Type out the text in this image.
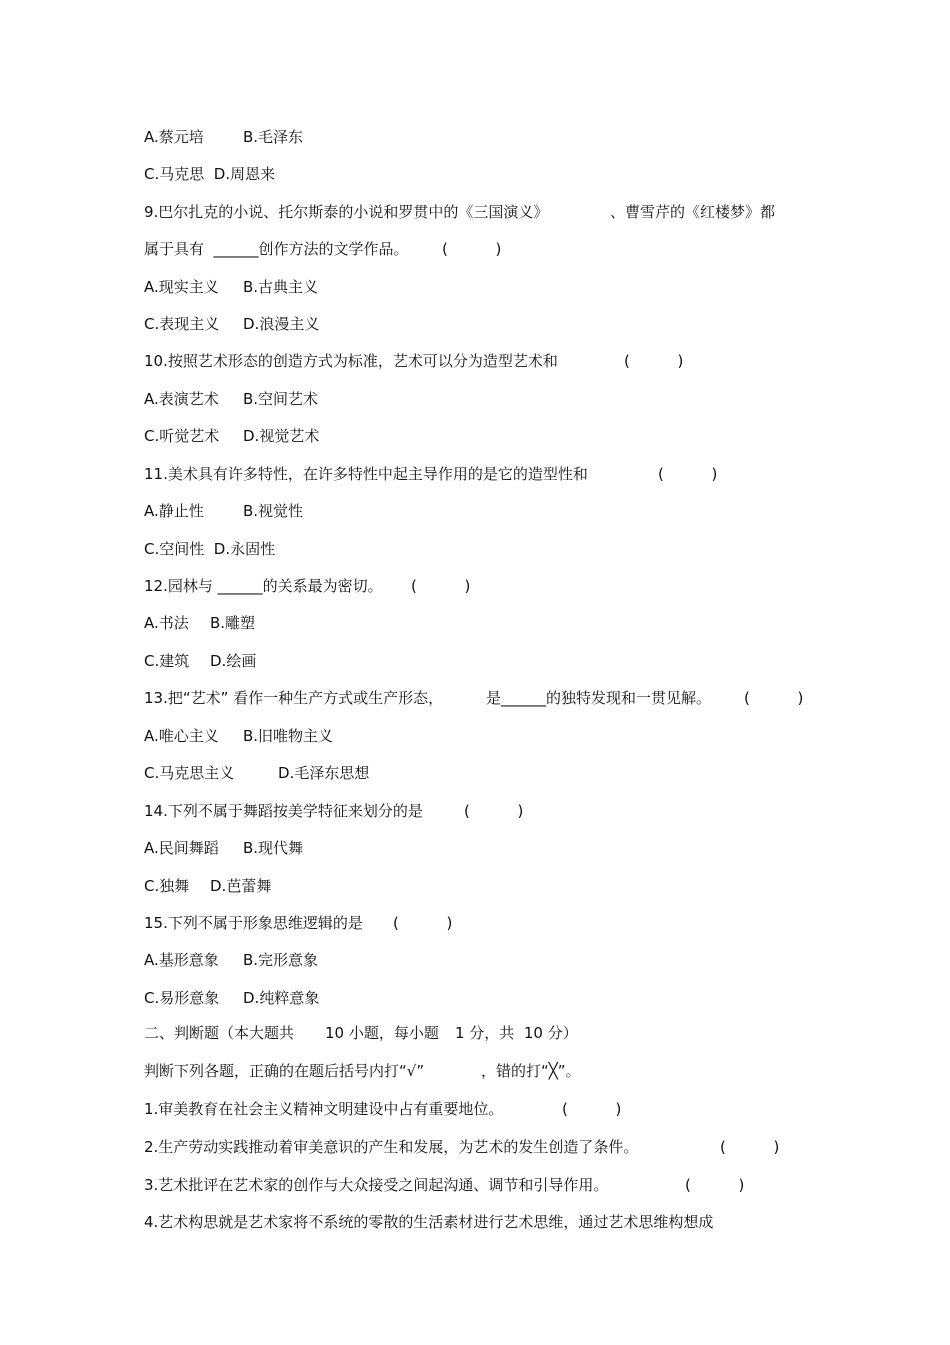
A.蔡元培

	B.毛泽东

C.马克思  D.周恩来

9.巴尔扎克的小说、托尔斯泰的小说和罗贯中的《三国演义》

	、曹雪芹的《红楼梦》都

属于具有  ______创作方法的文学作品。

(          )

A.现实主义

B.古典主义

C.表现主义

D.浪漫主义

10.按照艺术形态的创造方式为标准，艺术可以分为造型艺术和

	(          )

A.表演艺术

B.空间艺术

C.听觉艺术

D.视觉艺术

11.美术具有许多特性，在许多特性中起主导作用的是它的造型性和

	(          )

A.静止性

	B.视觉性

C.空间性  D.永固性

12.园林与 ______的关系最为密切。

(          )

A.书法

B.雕塑

C.建筑

D.绘画

13.把“艺术” 看作一种生产方式或生产形态，

	是______的独特发现和一贯见解。

(          )

A.唯心主义

B.旧唯物主义

C.马克思主义

	D.毛泽东思想

14.下列不属于舞蹈按美学特征来划分的是

	(          )

A.民间舞蹈

B.现代舞

C.独舞

D.芭蕾舞

15.下列不属于形象思维逻辑的是

(          )

A.基形意象

B.完形意象

C.易形意象

D.纯粹意象

二、判断题（本大题共

10 小题，每小题

1 分，共  10 分）

判断下列各题，正确的在题后括号内打“√”

	，错的打“╳”。

1.审美教育在社会主义精神文明建设中占有重要地位。

	(          )

2.生产劳动实践推动着审美意识的产生和发展，为艺术的发生创造了条件。

	(          )

3.艺术批评在艺术家的创作与大众接受之间起沟通、调节和引导作用。

	(          )

4.艺术构思就是艺术家将不系统的零散的生活素材进行艺术思维，通过艺术思维构想成
